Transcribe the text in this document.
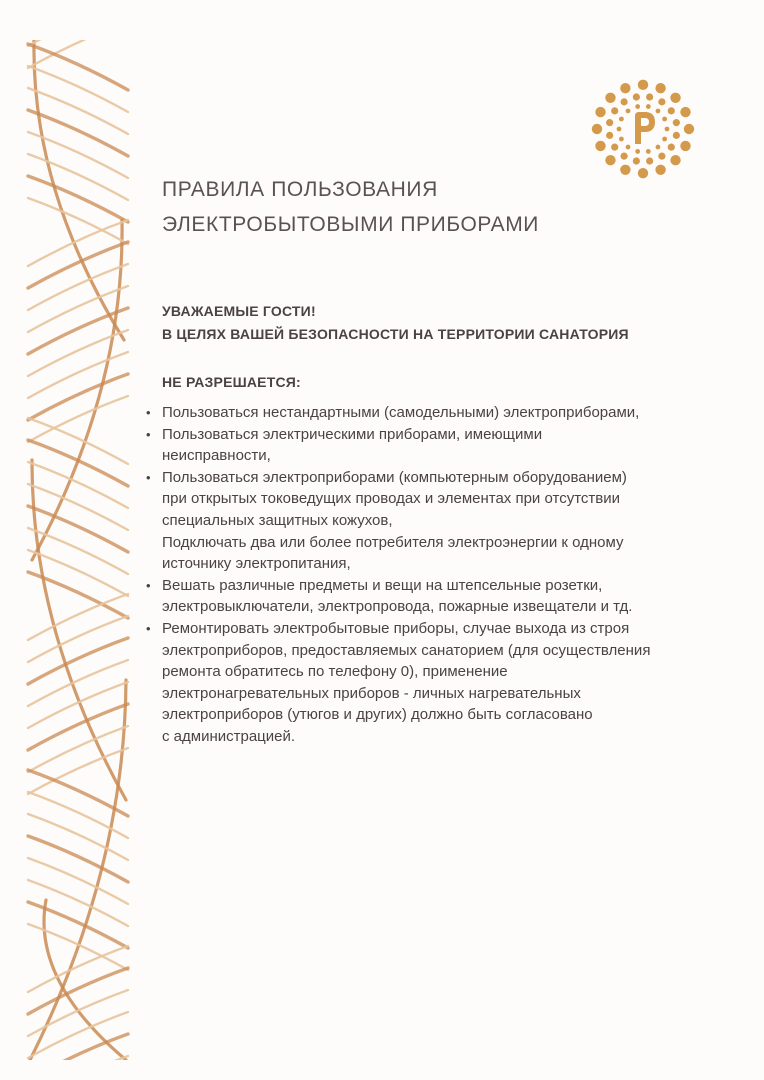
ПРАВИЛА ПОЛЬЗОВАНИЯ
ЭЛЕКТРОБЫТОВЫМИ ПРИБОРАМИ

УВАЖАЕМЫЕ ГОСТИ!
В ЦЕЛЯХ ВАШЕЙ БЕЗОПАСНОСТИ НА ТЕРРИТОРИИ САНАТОРИЯ

НЕ РАЗРЕШАЕТСЯ:

• Пользоваться нестандартными (самодельными) электроприборами,
• Пользоваться электрическими приборами, имеющими
неисправности,
• Пользоваться электроприборами (компьютерным оборудованием)
при открытых токоведущих проводах и элементах при отсутствии
специальных защитных кожухов,
Подключать два или более потребителя электроэнергии к одному
источнику электропитания,
• Вешать различные предметы и вещи на штепсельные розетки,
электровыключатели, электропровода, пожарные извещатели и тд.
• Ремонтировать электробытовые приборы, случае выхода из строя
электроприборов, предоставляемых санаторием (для осуществления
ремонта обратитесь по телефону 0), применение
электронагревательных приборов - личных нагревательных
электроприборов (утюгов и других) должно быть согласовано
с администрацией.
